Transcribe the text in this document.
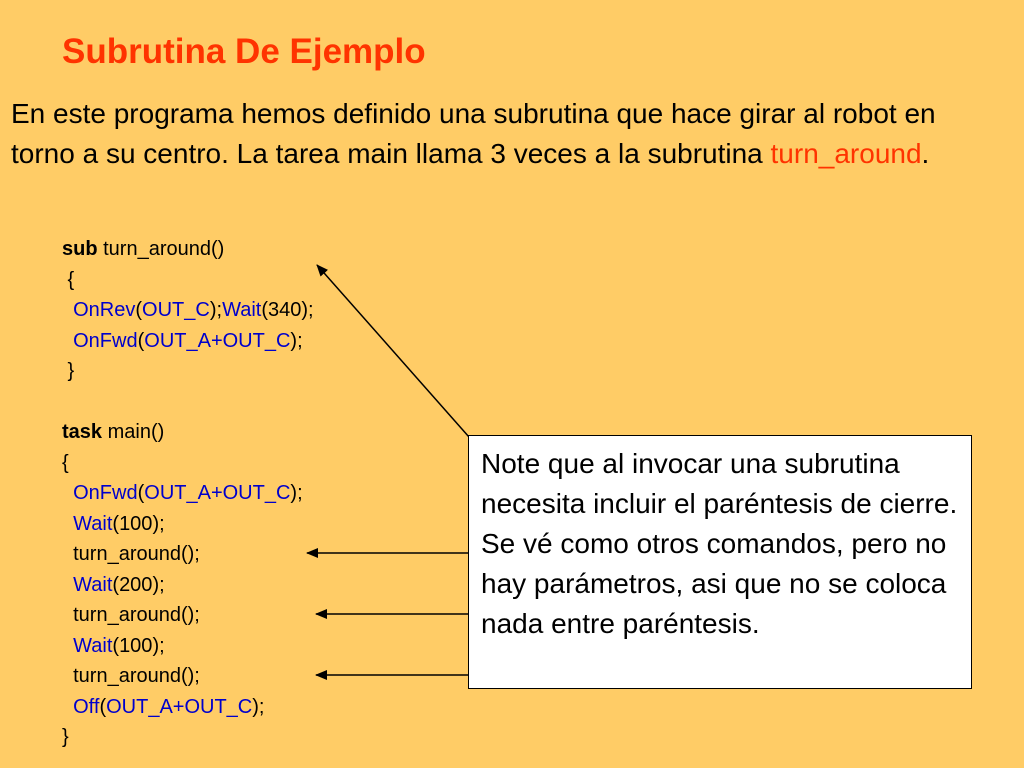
Subrutina De Ejemplo
En este programa hemos definido una subrutina que hace girar al robot en torno a su centro. La tarea main llama 3 veces a la subrutina turn_around.
sub turn_around()
{
OnRev(OUT_C);Wait(340);
OnFwd(OUT_A+OUT_C);
}
task main()
{
OnFwd(OUT_A+OUT_C);
Wait(100);
turn_around();
Wait(200);
turn_around();
Wait(100);
turn_around();
Off(OUT_A+OUT_C);
}
Note que al invocar una subrutina necesita incluir el paréntesis de cierre. Se vé como otros comandos, pero no hay parámetros, asi que no se coloca nada entre paréntesis.
